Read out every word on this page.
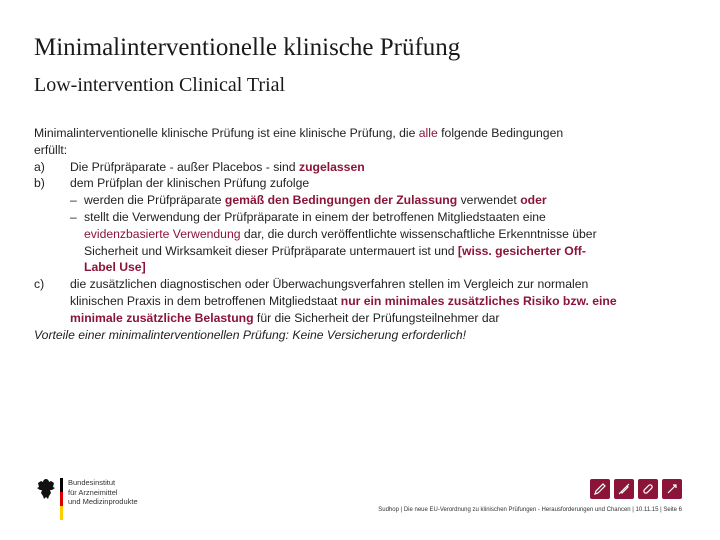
Minimalinterventionelle klinische Prüfung
Low-intervention Clinical Trial
Minimalinterventionelle klinische Prüfung ist eine klinische Prüfung, die alle folgende Bedingungen
erfüllt:
a)	Die Prüfpräparate - außer Placebos - sind zugelassen
b)	dem Prüfplan der klinischen Prüfung zufolge
– werden die Prüfpräparate gemäß den Bedingungen der Zulassung verwendet oder
– stellt die Verwendung der Prüfpräparate in einem der betroffenen Mitgliedstaaten eine
evidenzbasierte Verwendung dar, die durch veröffentlichte wissenschaftliche Erkenntnisse über
Sicherheit und Wirksamkeit dieser Prüfpräparate untermauert ist und [wiss. gesicherter Off-
Label Use]
c)	die zusätzlichen diagnostischen oder Überwachungsverfahren stellen im Vergleich zur normalen
klinischen Praxis in dem betroffenen Mitgliedstaat nur ein minimales zusätzliches Risiko bzw. eine
minimale zusätzliche Belastung für die Sicherheit der Prüfungsteilnehmer dar
Vorteile einer minimalinterventionellen Prüfung: Keine Versicherung erforderlich!
Bundesinstitut
für Arzneimittel
und Medizinprodukte
Sudhop | Die neue EU-Verordnung zu klinischen Prüfungen - Herausforderungen und Chancen | 10.11.15 | Seite 6
